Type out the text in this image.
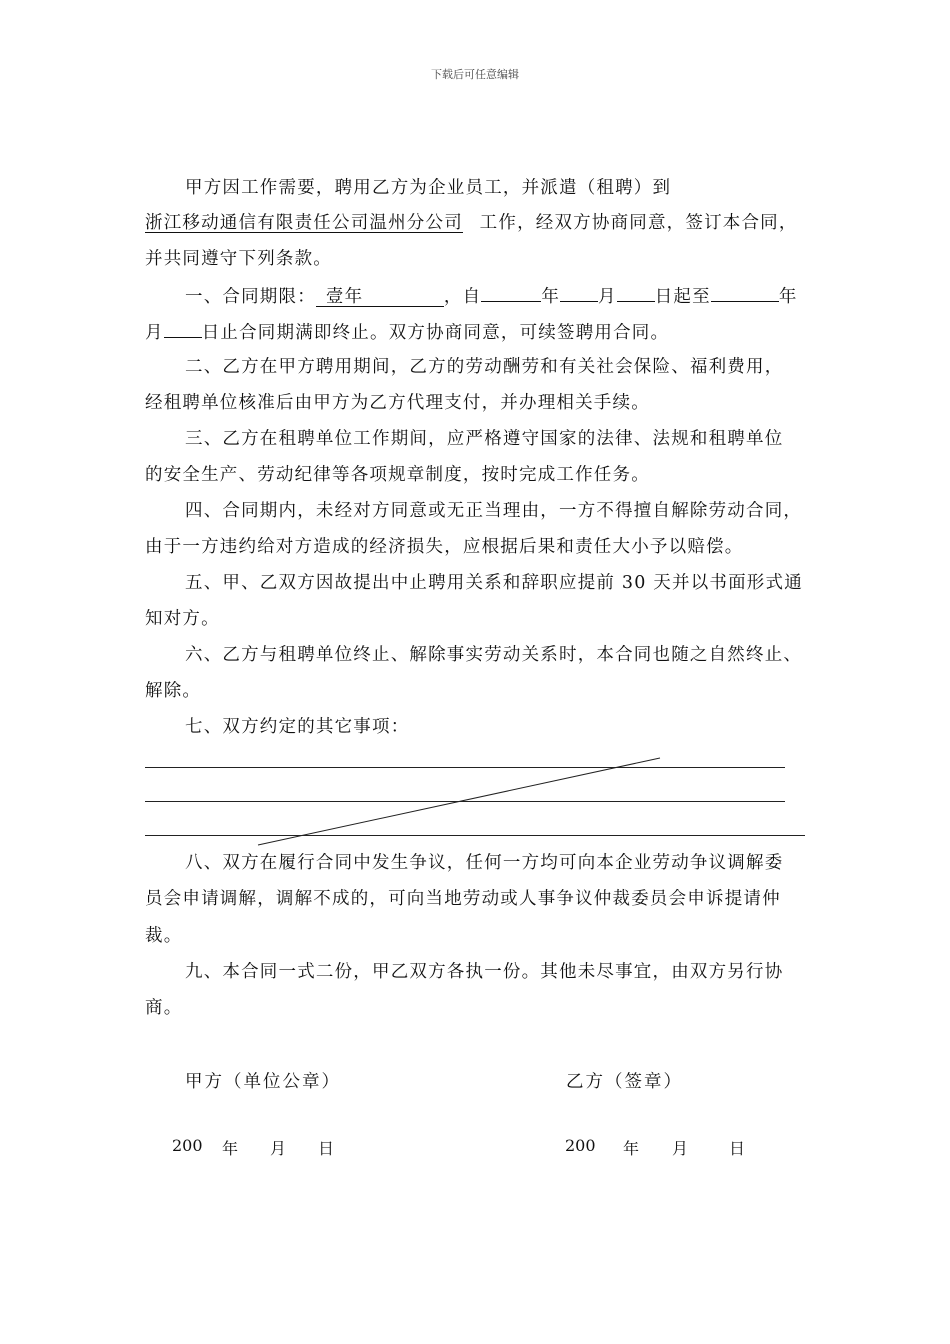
下载后可任意编辑
甲方因工作需要，聘用乙方为企业员工，并派遣（租聘）到
浙江移动通信有限责任公司温州分公司 工作，经双方协商同意，签订本合同，
并共同遵守下列条款。
一、合同期限： 壹年	，自	年 月 日起至	年
月 日止合同期满即终止。双方协商同意，可续签聘用合同。
二、乙方在甲方聘用期间，乙方的劳动酬劳和有关社会保险、福利费用，
经租聘单位核准后由甲方为乙方代理支付，并办理相关手续。
三、乙方在租聘单位工作期间，应严格遵守国家的法律、法规和租聘单位
的安全生产、劳动纪律等各项规章制度，按时完成工作任务。
四、合同期内，未经对方同意或无正当理由，一方不得擅自解除劳动合同，
由于一方违约给对方造成的经济损失，应根据后果和责任大小予以赔偿。
五、甲、乙双方因故提出中止聘用关系和辞职应提前 30 天并以书面形式通
知对方。
六、乙方与租聘单位终止、解除事实劳动关系时，本合同也随之自然终止、
解除。
七、双方约定的其它事项：
八、双方在履行合同中发生争议，任何一方均可向本企业劳动争议调解委
员会申请调解，调解不成的，可向当地劳动或人事争议仲裁委员会申诉提请仲
裁。
九、本合同一式二份，甲乙双方各执一份。其他未尽事宜，由双方另行协
商。
甲方（单位公章）	乙方（签章）
200 年 月 日	200 年 月	日
